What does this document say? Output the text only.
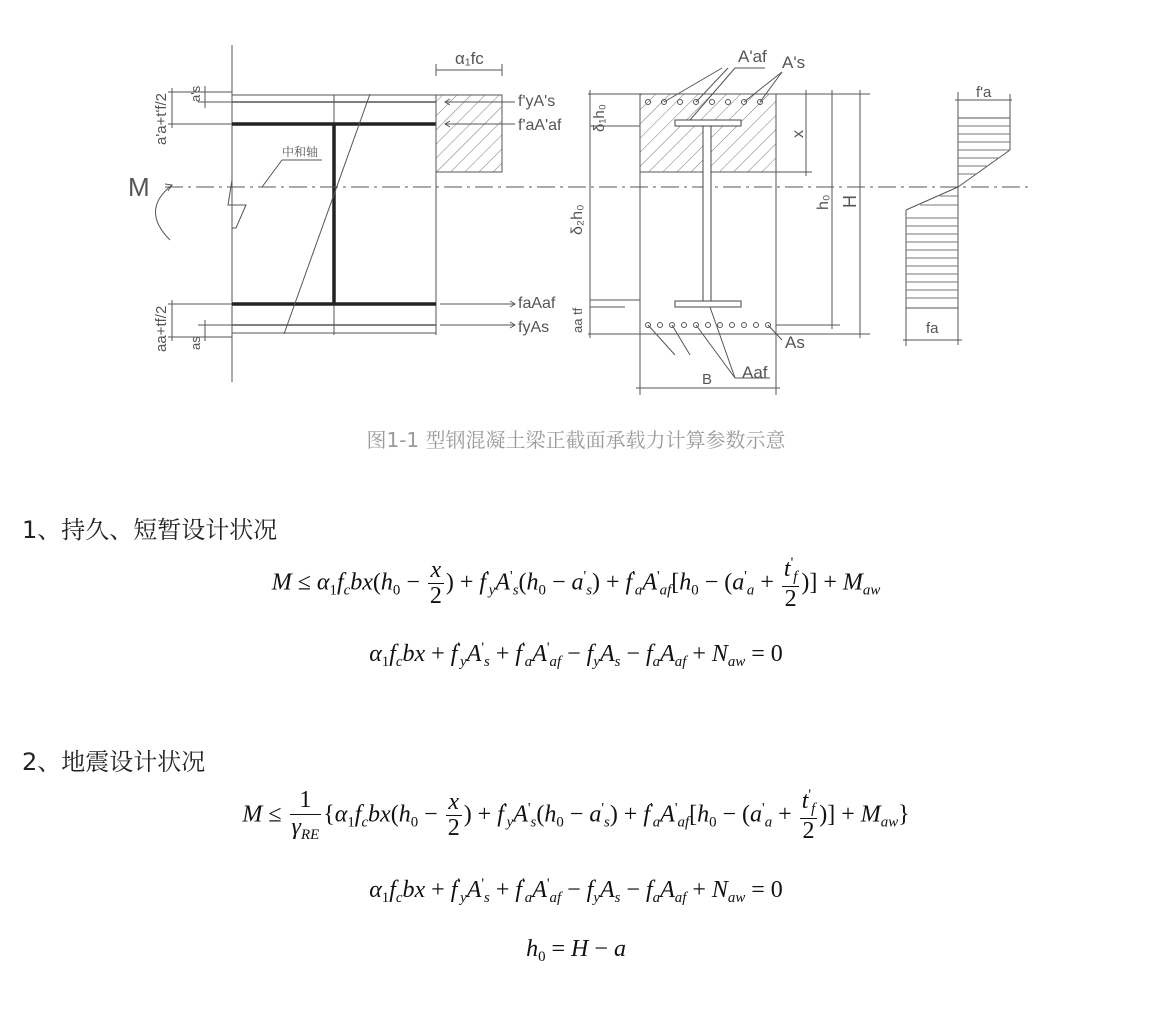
α₁fc
f'yA's
f'aA'af
中和轴
M
faAaf
fyAs
a'a+t'f/2 a's
aa+tf/2 as
A'af A's
δ₁h₀
δ₂h₀
aa tf
x
h₀ H
As
Aaf
B
f'a
fa
图1-1 型钢混凝土梁正截面承载力计算参数示意
1、持久、短暂设计状况
$M \le \alpha_1f_cbx(h_0 - \frac{x}{2}$ ) + $f'_yA'_s(h_0 - a'_s) + f'_aA'_{af}[h_0 - (a'_a + \frac{t'_f}{2}$ )] + $M_{aw}$
$\alpha_1f_cbx + f'_yA'_s + f'_aA'_{af} - f_yA_s - f_aA_{af} + N_{aw} = 0$
2、地震设计状况
$M \le \frac{1}{\gamma_{RE}} \{\alpha_1f_cbx(h_0 - \frac{x}{2}$ ) + $f'_yA'_s(h_0 - a'_s) + f'_aA'_{af}[h_0 - (a'_a + \frac{t'_f}{2}$ )] + $M_{aw}$}
$\alpha_1f_cbx + f'_yA'_s + f'_aA'_{af} - f_yA_s - f_aA_{af} + N_{aw} = 0$
$h_0 = H - a$
